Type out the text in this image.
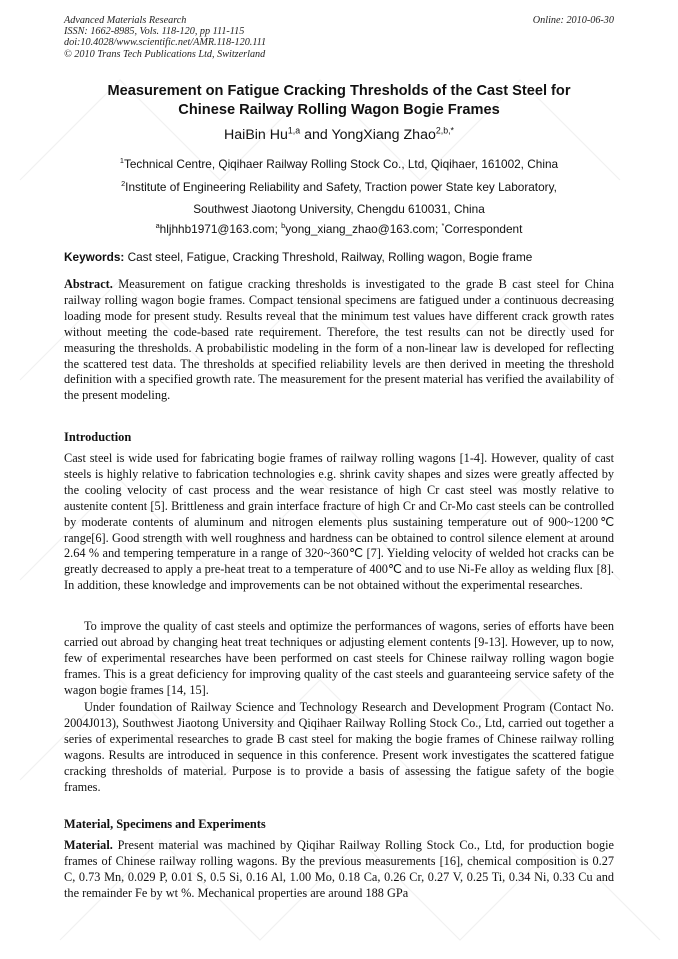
Advanced Materials Research
ISSN: 1662-8985, Vols. 118-120, pp 111-115
doi:10.4028/www.scientific.net/AMR.118-120.111
© 2010 Trans Tech Publications Ltd, Switzerland
Online: 2010-06-30
Measurement on Fatigue Cracking Thresholds of the Cast Steel for
Chinese Railway Rolling Wagon Bogie Frames
HaiBin Hu$^{1,a}$ and YongXiang Zhao$^{2,b,*}$
$^1$Technical Centre, Qiqihaer Railway Rolling Stock Co., Ltd, Qiqihaer, 161002, China
$^2$Institute of Engineering Reliability and Safety, Traction power State key Laboratory,
Southwest Jiaotong University, Chengdu 610031, China
$^a$hljhhb1971@163.com; $^b$yong_xiang_zhao@163.com; *Correspondent
Keywords: Cast steel, Fatigue, Cracking Threshold, Railway, Rolling wagon, Bogie frame
Abstract. Measurement on fatigue cracking thresholds is investigated to the grade B cast steel for China railway rolling wagon bogie frames. Compact tensional specimens are fatigued under a continuous decreasing loading mode for present study. Results reveal that the minimum test values have different crack growth rates without meeting the code-based rate requirement. Therefore, the test results can not be directly used for measuring the thresholds. A probabilistic modeling in the form of a non-linear law is developed for reflecting the scattered test data. The thresholds at specified reliability levels are then derived in meeting the threshold definition with a specified growth rate. The measurement for the present material has verified the availability of the present modeling.
Introduction
Cast steel is wide used for fabricating bogie frames of railway rolling wagons [1-4]. However, quality of cast steels is highly relative to fabrication technologies e.g. shrink cavity shapes and sizes were greatly affected by the cooling velocity of cast process and the wear resistance of high Cr cast steel was mostly relative to austenite content [5]. Brittleness and grain interface fracture of high Cr and Cr-Mo cast steels can be controlled by moderate contents of aluminum and nitrogen elements plus sustaining temperature out of 900~1200℃ range[6]. Good strength with well roughness and hardness can be obtained to control silence element at around 2.64 % and tempering temperature in a range of 320~360℃ [7]. Yielding velocity of welded hot cracks can be greatly decreased to apply a pre-heat treat to a temperature of 400℃ and to use Ni-Fe alloy as welding flux [8]. In addition, these knowledge and improvements can be not obtained without the experimental researches.
To improve the quality of cast steels and optimize the performances of wagons, series of efforts have been carried out abroad by changing heat treat techniques or adjusting element contents [9-13]. However, up to now, few of experimental researches have been performed on cast steels for Chinese railway rolling wagon bogie frames. This is a great deficiency for improving quality of the cast steels and guaranteeing service safety of the wagon bogie frames [14, 15].
Under foundation of Railway Science and Technology Research and Development Program (Contact No. 2004J013), Southwest Jiaotong University and Qiqihaer Railway Rolling Stock Co., Ltd, carried out together a series of experimental researches to grade B cast steel for making the bogie frames of Chinese railway rolling wagons. Results are introduced in sequence in this conference. Present work investigates the scattered fatigue cracking thresholds of material. Purpose is to provide a basis of assessing the fatigue safety of the bogie frames.
Material, Specimens and Experiments
Material. Present material was machined by Qiqihar Railway Rolling Stock Co., Ltd, for production bogie frames of Chinese railway rolling wagons. By the previous measurements [16], chemical composition is 0.27 C, 0.73 Mn, 0.029 P, 0.01 S, 0.5 Si, 0.16 Al, 1.00 Mo, 0.18 Ca, 0.26 Cr, 0.27 V, 0.25 Ti, 0.34 Ni, 0.33 Cu and the remainder Fe by wt %. Mechanical properties are around 188 GPa
